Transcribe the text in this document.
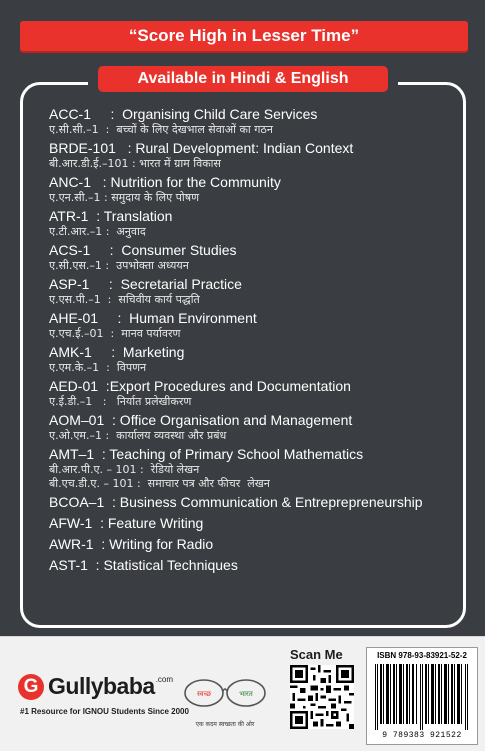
“Score High in Lesser Time”
Available in Hindi & English
ACC-1     :  Organising Child Care Services
ए.सी.सी.–1  :  बच्चों के लिए देखभाल सेवाओं का गठन
BRDE-101   : Rural Development: Indian Context
बी.आर.डी.ई.–101 : भारत में ग्राम विकास
ANC-1   : Nutrition for the Community
ए.एन.सी.–1 : समुदाय के लिए पोषण
ATR-1  : Translation
ए.टी.आर.–1 :  अनुवाद
ACS-1     :  Consumer Studies
ए.सी.एस.–1 :  उपभोक्ता अध्ययन
ASP-1     :  Secretarial Practice
ए.एस.पी.–1  :  सचिवीय कार्य पद्धति
AHE-01     :  Human Environment
ए.एच.ई.–01  :  मानव पर्यावरण
AMK-1     :  Marketing
ए.एम.के.–1  :  विपणन
AED-01  :Export Procedures and Documentation
ए.ई.डी.–1   :   निर्यात प्रलेखीकरण
AOM–01  : Office Organisation and Management
ए.ओ.एम.–1 :  कार्यालय व्यवस्था और प्रबंध
AMT–1  : Teaching of Primary School Mathematics
बी.आर.पी.ए. – 101 :  रेडियो लेखन
बी.एच.डी.ए. – 101 :  समाचार पत्र और फीचर  लेखन
BCOA–1  : Business Communication & Entreprepreneurship
AFW-1  : Feature Writing
AWR-1  : Writing for Radio
AST-1  : Statistical Techniques
G Gullybaba .com
#1 Resource for IGNOU Students Since 2000
स्वच्छ	भारत
एक कदम स्वच्छता की ओर
Scan Me	ISBN 978-93-83921-52-2
9 789383 921522
